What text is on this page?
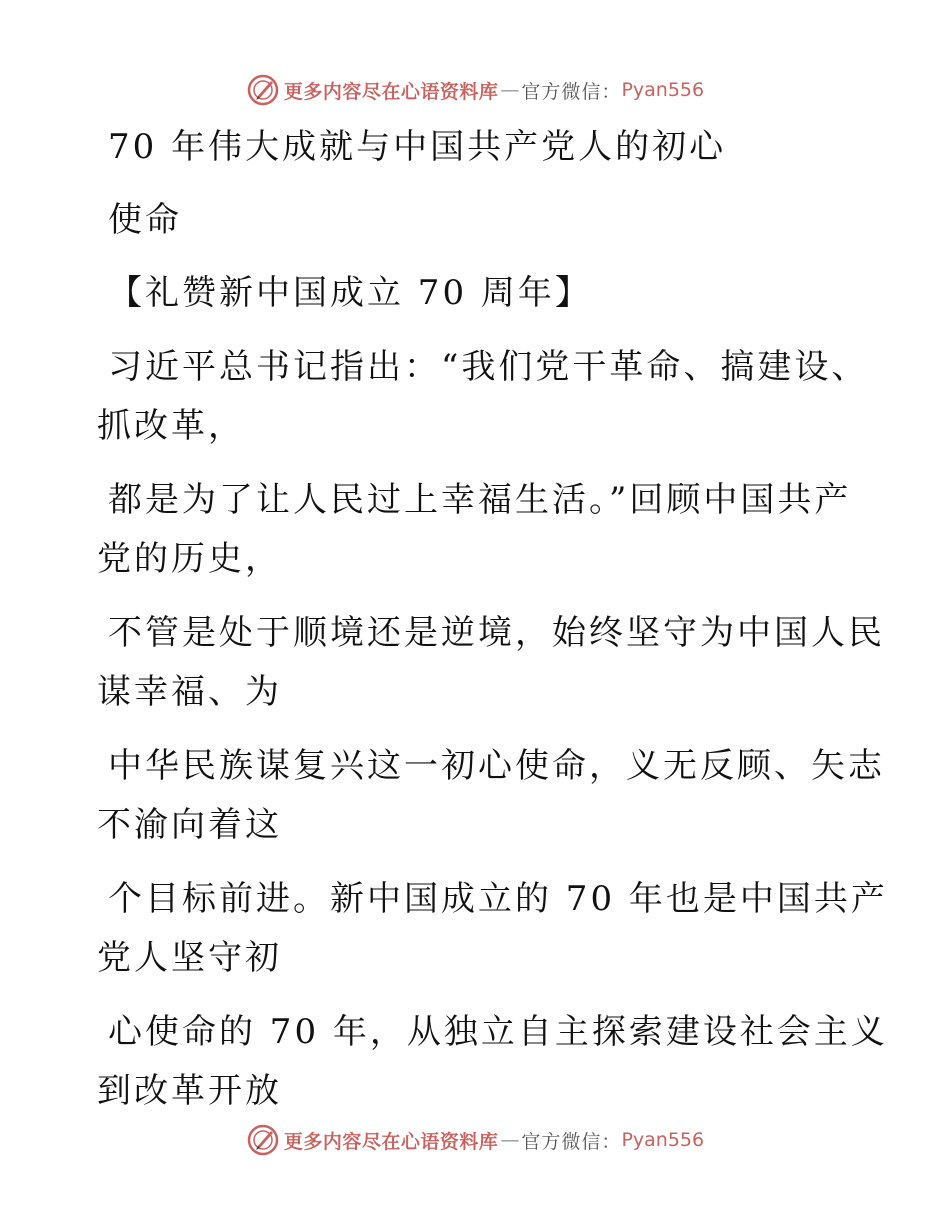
更多内容尽在心语资料库 — 官方微信： Pyan556
70 年伟大成就与中国共产党人的初心
使命
【礼赞新中国成立 70 周年】
习近平总书记指出：“我们党干革命、搞建设、
抓改革，
都是为了让人民过上幸福生活。”回顾中国共产
党的历史，
不管是处于顺境还是逆境，始终坚守为中国人民
谋幸福、为
中华民族谋复兴这一初心使命，义无反顾、矢志
不渝向着这
个目标前进。新中国成立的 70 年也是中国共产
党人坚守初
心使命的 70 年，从独立自主探索建设社会主义
到改革开放
更多内容尽在心语资料库 — 官方微信： Pyan556
